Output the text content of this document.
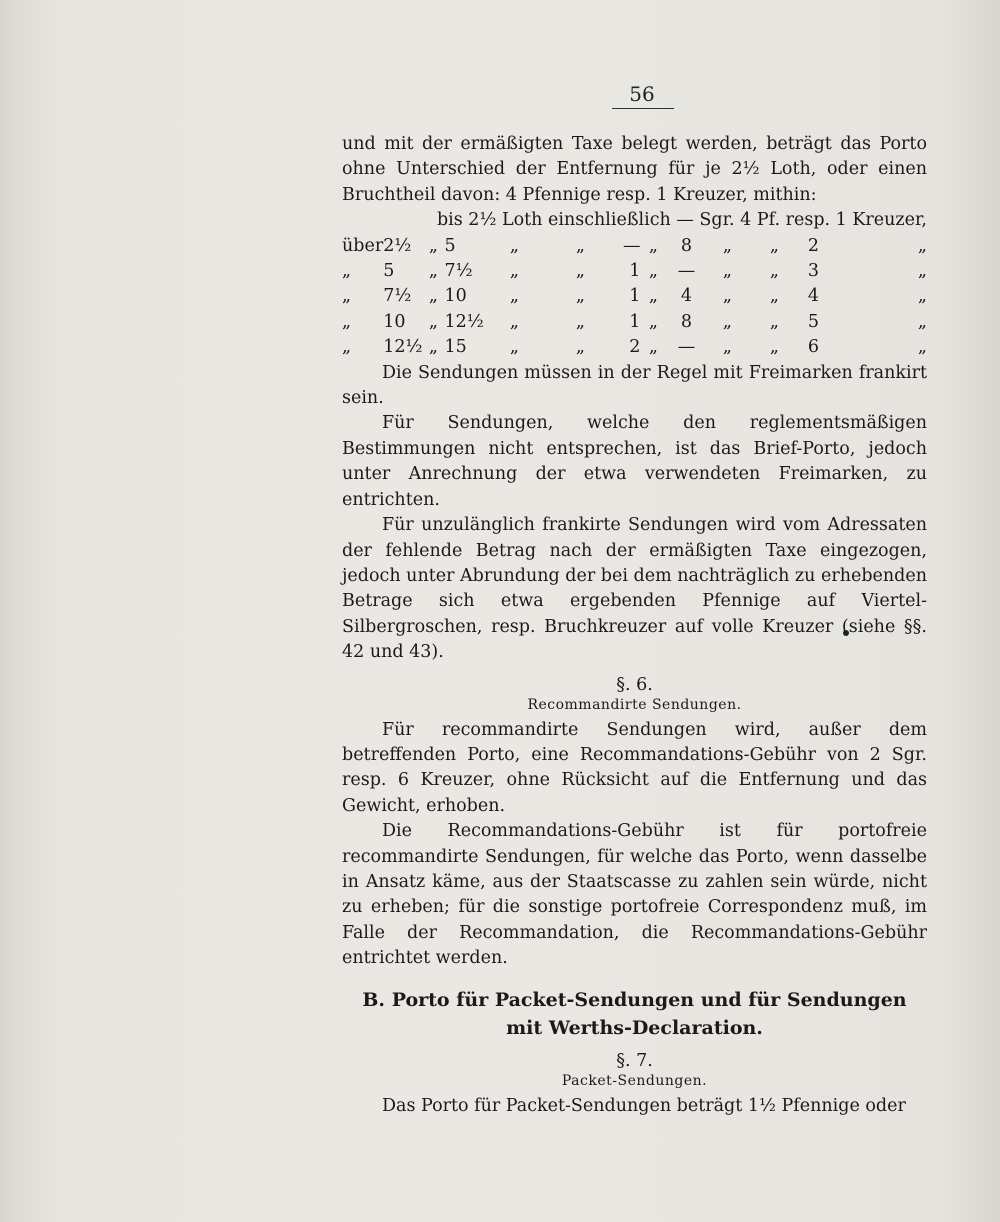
56

und mit der ermäßigten Taxe belegt werden, beträgt das Porto ohne Unterschied der Entfernung für je 2½ Loth, oder einen Bruchtheil davon: 4 Pfennige resp. 1 Kreuzer, mithin:

bis 2½ Loth einschließlich — Sgr. 4 Pf. resp. 1 Kreuzer,
über	2½	„	5	„	„	—	„	8	„	„	2	„
„	5	„	7½	„	„	1	„	—	„	„	3	„
„	7½	„	10	„	„	1	„	4	„	„	4	„
„	10	„	12½	„	„	1	„	8	„	„	5	„
„	12½	„	15	„	„	2	„	—	„	„	6	„

Die Sendungen müssen in der Regel mit Freimarken frankirt sein.

Für Sendungen, welche den reglementsmäßigen Bestimmungen nicht entsprechen, ist das Brief-Porto, jedoch unter Anrechnung der etwa verwendeten Freimarken, zu entrichten.

Für unzulänglich frankirte Sendungen wird vom Adressaten der fehlende Betrag nach der ermäßigten Taxe eingezogen, jedoch unter Abrundung der bei dem nachträglich zu erhebenden Betrage sich etwa ergebenden Pfennige auf Viertel-Silbergroschen, resp. Bruchkreuzer auf volle Kreuzer (siehe §§. 42 und 43).

§. 6.
Recommandirte Sendungen.

Für recommandirte Sendungen wird, außer dem betreffenden Porto, eine Recommandations-Gebühr von 2 Sgr. resp. 6 Kreuzer, ohne Rücksicht auf die Entfernung und das Gewicht, erhoben.

Die Recommandations-Gebühr ist für portofreie recommandirte Sendungen, für welche das Porto, wenn dasselbe in Ansatz käme, aus der Staatscasse zu zahlen sein würde, nicht zu erheben; für die sonstige portofreie Correspondenz muß, im Falle der Recommandation, die Recommandations-Gebühr entrichtet werden.

B. Porto für Packet-Sendungen und für Sendungen
mit Werths-Declaration.
§. 7.
Packet-Sendungen.

Das Porto für Packet-Sendungen beträgt 1½ Pfennige oder
